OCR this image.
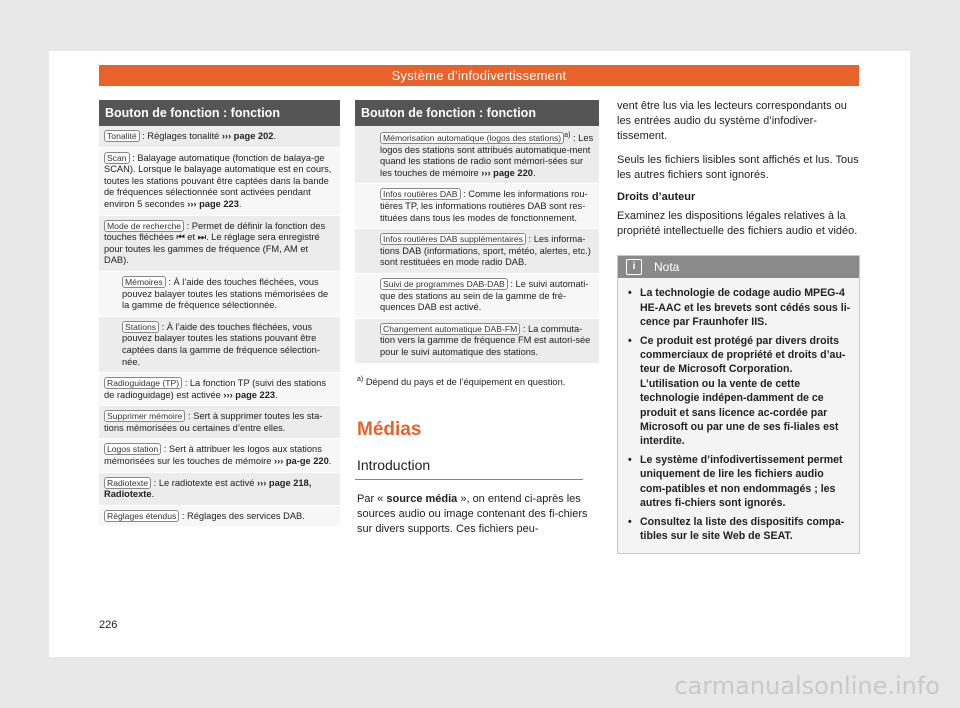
Système d’infodivertissement
Bouton de fonction : fonction
Tonalité : Réglages tonalité ››› page 202.
Scan : Balayage automatique (fonction de balaya-ge SCAN). Lorsque le balayage automatique est en cours, toutes les stations pouvant être captées dans la bande de fréquences sélectionnée sont activées pendant environ 5 secondes ››› page 223.
Mode de recherche : Permet de définir la fonction des touches fléchées ⏮ et ⏭. Le réglage sera enregistré pour toutes les gammes de fréquence (FM, AM et DAB).
Mémoires : À l’aide des touches fléchées, vous pouvez balayer toutes les stations mémorisées de la gamme de fréquence sélectionnée.
Stations : À l’aide des touches fléchées, vous pouvez balayer toutes les stations pouvant être captées dans la gamme de fréquence sélection-née.
Radioguidage (TP) : La fonction TP (suivi des stations de radioguidage) est activée ››› page 223.
Supprimer mémoire : Sert à supprimer toutes les sta-tions mémorisées ou certaines d’entre elles.
Logos station : Sert à attribuer les logos aux stations mémorisées sur les touches de mémoire ››› pa-ge 220.
Radiotexte : Le radiotexte est activé ››› page 218, Radiotexte.
Réglages étendus : Réglages des services DAB.
Bouton de fonction : fonction
Mémorisation automatique (logos des stations) $^{a)}$ : Les logos des stations sont attribués automatique-ment quand les stations de radio sont mémori-sées sur les touches de mémoire ››› page 220.
Infos routières DAB : Comme les informations rou-tières TP, les informations routières DAB sont res-tituées dans tous les modes de fonctionnement.
Infos routières DAB supplémentaires : Les informa-tions DAB (informations, sport, météo, alertes, etc.) sont restituées en mode radio DAB.
Suivi de programmes DAB-DAB : Le suivi automati-que des stations au sein de la gamme de fré-quences DAB est activé.
Changement automatique DAB-FM : La commuta-tion vers la gamme de fréquence FM est autori-sée pour le suivi automatique des stations.
$^{a)}$ Dépend du pays et de l’équipement en question.
Médias
Introduction
Par « source média », on entend ci-après les sources audio ou image contenant des fi-chiers sur divers supports. Ces fichiers peu-

vent être lus via les lecteurs correspondants ou les entrées audio du système d’infodiver-tissement.

Seuls les fichiers lisibles sont affichés et lus. Tous les autres fichiers sont ignorés.

Droits d’auteur

Examinez les dispositions légales relatives à la propriété intellectuelle des fichiers audio et vidéo.

i Nota
• La technologie de codage audio MPEG-4 HE-AAC et les brevets sont cédés sous li-cence par Fraunhofer IIS.
• Ce produit est protégé par divers droits commerciaux de propriété et droits d’au-teur de Microsoft Corporation. L’utilisation ou la vente de cette technologie indépen-damment de ce produit et sans licence ac-cordée par Microsoft ou par une de ses fi-liales est interdite.
• Le système d’infodivertissement permet uniquement de lire les fichiers audio com-patibles et non endommagés ; les autres fi-chiers sont ignorés.
• Consultez la liste des dispositifs compa-tibles sur le site Web de SEAT.
226
carmanualsonline.info
